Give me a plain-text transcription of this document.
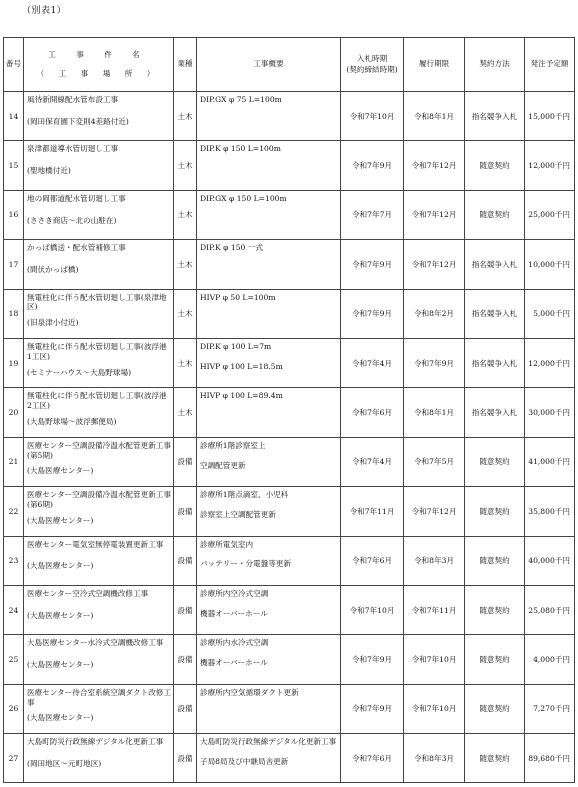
（別表1）
番号	工 事 件 名
（ 工 事 場 所 ）	業種	工事概要	入札時期
(契約締結時期)	履行期限	契約方法	発注予定額
14	風待新開線配水管布設工事
(岡田保育園下変則4差路付近)	土木	DIP.GX φ 75 L=100m	令和7年10月	令和8年1月	指名競争入札	15,000千円
15	泉津都道導水管切廻し工事
(聖地橋付近)	土木	DIP.K φ 150 L=100m	令和7年9月	令和7年12月	随意契約	12,000千円
16	地の岡都道配水管切廻し工事
(ささき商店～北の山駐在)	土木	DIP.GX φ 150 L=100m	令和7年7月	令和7年12月	随意契約	25,000千円
17	かっぱ橋送・配水管補修工事
(間伏かっぱ橋)	土木	DIP.K φ 150 一式	令和7年9月	令和7年12月	指名競争入札	10,000千円
18	無電柱化に伴う配水管切廻し工事(泉津地区)
(旧泉津小付近)	土木	HIVP φ 50 L=100m	令和7年9月	令和8年2月	指名競争入札	5,000千円
19	無電柱化に伴う配水管切廻し工事(波浮港1工区)
(セミナーハウス～大島野球場)	土木	DIP.K φ 100 L=7m
HIVP φ 100 L=18.5m	令和7年4月	令和7年9月	指名競争入札	12,000千円
20	無電柱化に伴う配水管切廻し工事(波浮港2工区)
(大島野球場～波浮郵便局)	土木	HIVP φ 100 L=89.4m	令和7年6月	令和8年1月	指名競争入札	30,000千円
21	医療センター空調設備冷温水配管更新工事(第5期)
(大島医療センター)	設備	診療所1階診察室上
空調配管更新	令和7年4月	令和7年5月	随意契約	41,000千円
22	医療センター空調設備冷温水配管更新工事(第6期)
(大島医療センター)	設備	診療所1階点滴室、小児科
診察室上空調配管更新	令和7年11月	令和7年12月	随意契約	35,800千円
23	医療センター電気室無停電装置更新工事
(大島医療センター)	設備	診療所電気室内
バッテリー・分電盤等更新	令和7年6月	令和8年3月	随意契約	40,000千円
24	医療センター空冷式空調機改修工事
(大島医療センター)	設備	診療所内空冷式空調
機器オーバーホール	令和7年10月	令和7年11月	随意契約	25,080千円
25	大島医療センター水冷式空調機改修工事
(大島医療センター)	設備	診療所内水冷式空調
機器オーバーホール	令和7年9月	令和7年10月	随意契約	4,000千円
26	医療センター待合室系統空調ダクト改修工事
(大島医療センター)	設備	診療所内空気循環ダクト更新	令和7年9月	令和7年10月	随意契約	7,270千円
27	大島町防災行政無線デジタル化更新工事
(岡田地区～元町地区)	設備	大島町防災行政無線デジタル化更新工事
子局8局及び中継局舎更新	令和7年6月	令和8年3月	随意契約	89,680千円
